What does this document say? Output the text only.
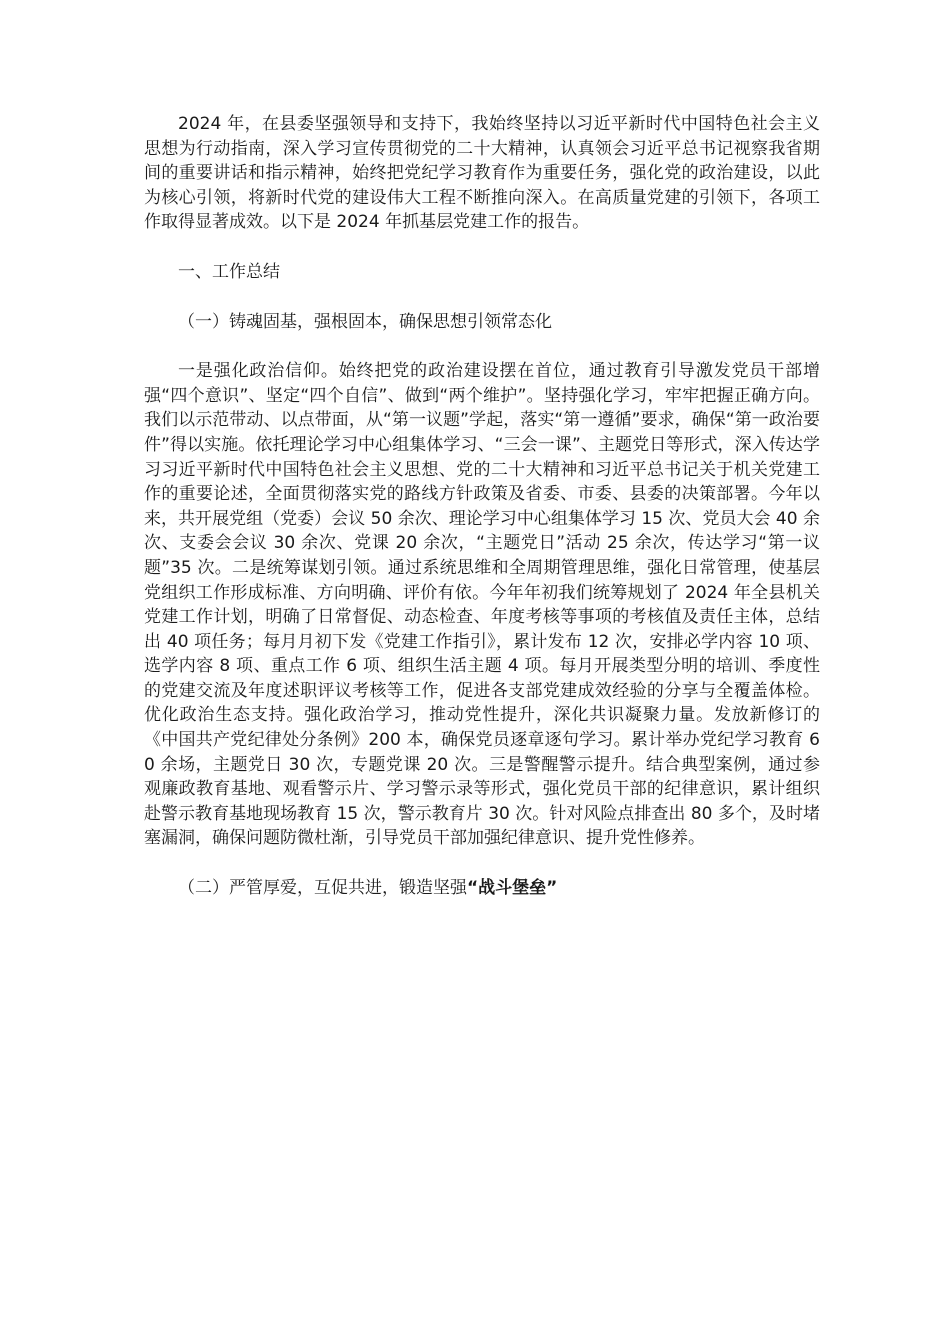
2024 年，在县委坚强领导和支持下，我始终坚持以习近平新时代中国特色社会主义思想为行动指南，深入学习宣传贯彻党的二十大精神，认真领会习近平总书记视察我省期间的重要讲话和指示精神，始终把党纪学习教育作为重要任务，强化党的政治建设，以此为核心引领，将新时代党的建设伟大工程不断推向深入。在高质量党建的引领下，各项工作取得显著成效。以下是 2024 年抓基层党建工作的报告。

一、工作总结

（一）铸魂固基，强根固本，确保思想引领常态化

一是强化政治信仰。始终把党的政治建设摆在首位，通过教育引导激发党员干部增强“四个意识”、坚定“四个自信”、做到“两个维护”。坚持强化学习，牢牢把握正确方向。我们以示范带动、以点带面，从“第一议题”学起，落实“第一遵循”要求，确保“第一政治要件”得以实施。依托理论学习中心组集体学习、“三会一课”、主题党日等形式，深入传达学习习近平新时代中国特色社会主义思想、党的二十大精神和习近平总书记关于机关党建工作的重要论述，全面贯彻落实党的路线方针政策及省委、市委、县委的决策部署。今年以来，共开展党组（党委）会议 50 余次、理论学习中心组集体学习 15 次、党员大会 40 余次、支委会会议 30 余次、党课 20 余次，“主题党日”活动 25 余次，传达学习“第一议题”35 次。二是统筹谋划引领。通过系统思维和全周期管理思维，强化日常管理，使基层党组织工作形成标准、方向明确、评价有依。今年年初我们统筹规划了 2024 年全县机关党建工作计划，明确了日常督促、动态检查、年度考核等事项的考核值及责任主体，总结出 40 项任务；每月月初下发《党建工作指引》，累计发布 12 次，安排必学内容 10 项、选学内容 8 项、重点工作 6 项、组织生活主题 4 项。每月开展类型分明的培训、季度性的党建交流及年度述职评议考核等工作，促进各支部党建成效经验的分享与全覆盖体检。优化政治生态支持。强化政治学习，推动党性提升，深化共识凝聚力量。发放新修订的《中国共产党纪律处分条例》200 本，确保党员逐章逐句学习。累计举办党纪学习教育 60 余场，主题党日 30 次，专题党课 20 次。三是警醒警示提升。结合典型案例，通过参观廉政教育基地、观看警示片、学习警示录等形式，强化党员干部的纪律意识，累计组织赴警示教育基地现场教育 15 次，警示教育片 30 次。针对风险点排查出 80 多个，及时堵塞漏洞，确保问题防微杜渐，引导党员干部加强纪律意识、提升党性修养。

（二）严管厚爱，互促共进，锻造坚强“战斗堡垒”
